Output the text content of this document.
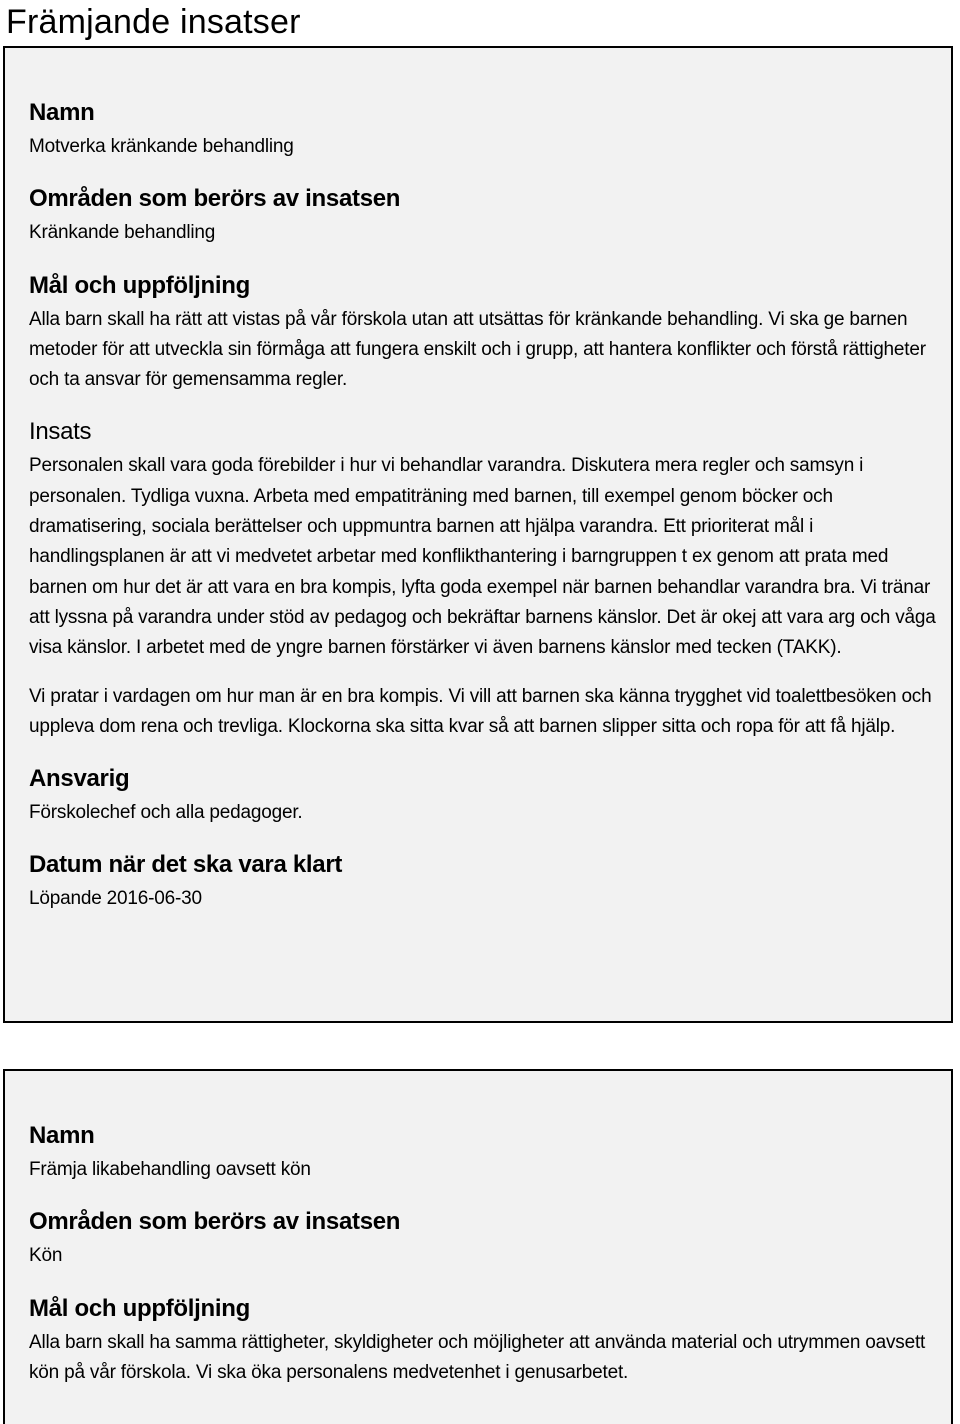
Främjande insatser
Namn

Motverka kränkande behandling

Områden som berörs av insatsen

Kränkande behandling

Mål och uppföljning

Alla barn skall ha rätt att vistas på vår förskola utan att utsättas för kränkande behandling. Vi ska ge barnen metoder för att utveckla sin förmåga att fungera enskilt och i grupp, att hantera konflikter och förstå rättigheter och ta ansvar för gemensamma regler.

Insats

Personalen skall vara goda förebilder i hur vi behandlar varandra. Diskutera mera regler och samsyn i personalen. Tydliga vuxna. Arbeta med empatiträning med barnen, till exempel genom böcker och dramatisering, sociala berättelser och uppmuntra barnen att hjälpa varandra. Ett prioriterat mål i handlingsplanen är att vi medvetet arbetar med konflikthantering i barngruppen t ex genom att prata med barnen om hur det är att vara en bra kompis, lyfta goda exempel när barnen behandlar varandra bra. Vi tränar att lyssna på varandra under stöd av pedagog och bekräftar barnens känslor. Det är okej att vara arg och våga visa känslor. I arbetet med de yngre barnen förstärker vi även barnens känslor med tecken (TAKK).

Vi pratar i vardagen om hur man är en bra kompis. Vi vill att barnen ska känna trygghet vid toalettbesöken och uppleva dom rena och trevliga. Klockorna ska sitta kvar så att barnen slipper sitta och ropa för att få hjälp.

Ansvarig

Förskolechef och alla pedagoger.

Datum när det ska vara klart

Löpande 2016-06-30

Namn

Främja likabehandling oavsett kön

Områden som berörs av insatsen

Kön

Mål och uppföljning

Alla barn skall ha samma rättigheter, skyldigheter och möjligheter att använda material och utrymmen oavsett kön på vår förskola. Vi ska öka personalens medvetenhet i genusarbetet.
